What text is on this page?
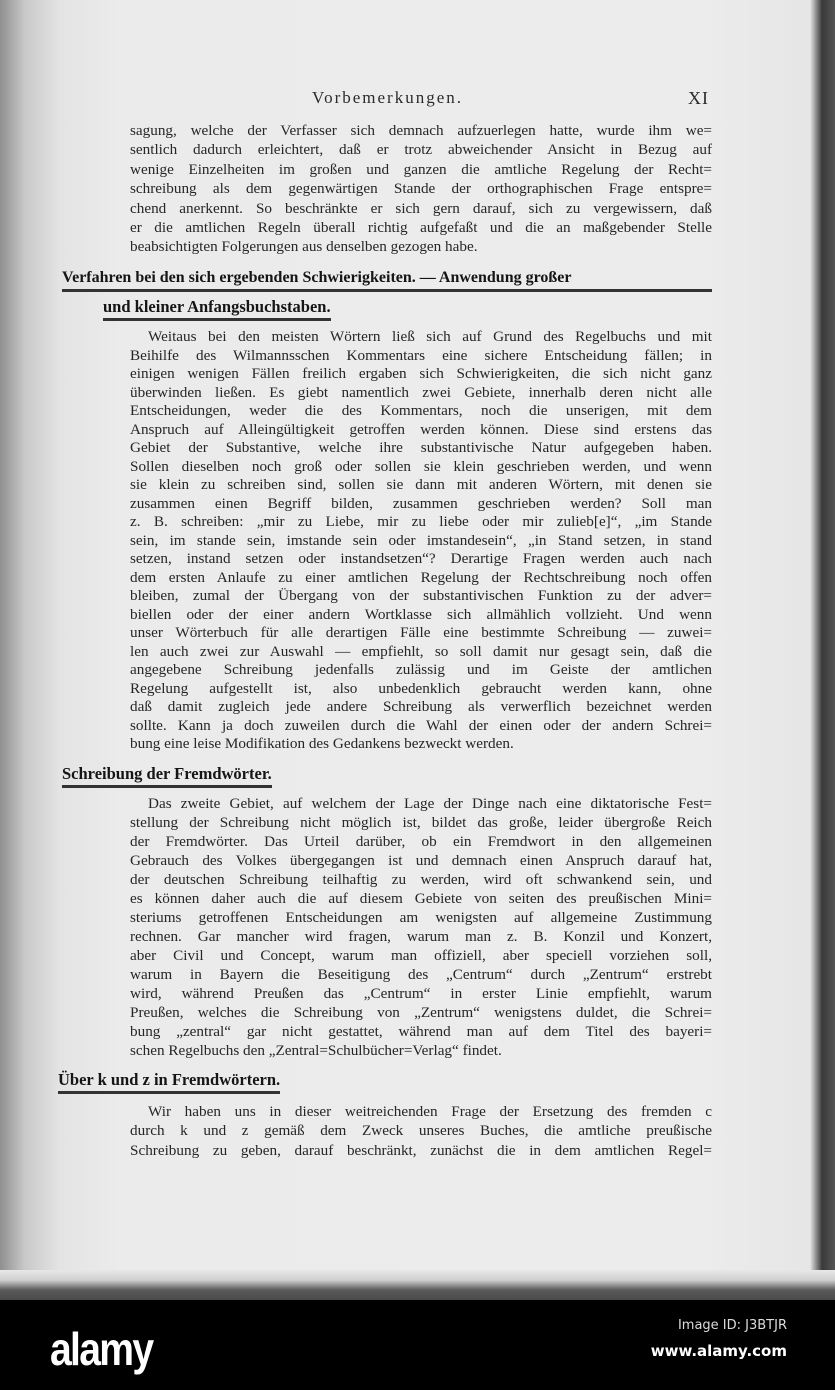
Vorbemerkungen.	XI
sagung, welche der Verfasser sich demnach aufzuerlegen hatte, wurde ihm we=
sentlich dadurch erleichtert, daß er trotz abweichender Ansicht in Bezug auf
wenige Einzelheiten im großen und ganzen die amtliche Regelung der Recht=
schreibung als dem gegenwärtigen Stande der orthographischen Frage entspre=
chend anerkennt. So beschränkte er sich gern darauf, sich zu vergewissern, daß
er die amtlichen Regeln überall richtig aufgefaßt und die an maßgebender Stelle
beabsichtigten Folgerungen aus denselben gezogen habe.
Verfahren bei den sich ergebenden Schwierigkeiten. — Anwendung großer
und kleiner Anfangsbuchstaben.
Weitaus bei den meisten Wörtern ließ sich auf Grund des Regelbuchs und mit
Beihilfe des Wilmannsschen Kommentars eine sichere Entscheidung fällen; in
einigen wenigen Fällen freilich ergaben sich Schwierigkeiten, die sich nicht ganz
überwinden ließen. Es giebt namentlich zwei Gebiete, innerhalb deren nicht alle
Entscheidungen, weder die des Kommentars, noch die unserigen, mit dem
Anspruch auf Alleingültigkeit getroffen werden können. Diese sind erstens das
Gebiet der Substantive, welche ihre substantivische Natur aufgegeben haben.
Sollen dieselben noch groß oder sollen sie klein geschrieben werden, und wenn
sie klein zu schreiben sind, sollen sie dann mit anderen Wörtern, mit denen sie
zusammen einen Begriff bilden, zusammen geschrieben werden? Soll man
z. B. schreiben: „mir zu Liebe, mir zu liebe oder mir zulieb[e]“, „im Stande
sein, im stande sein, imstande sein oder imstandesein“, „in Stand setzen, in stand
setzen, instand setzen oder instandsetzen“? Derartige Fragen werden auch nach
dem ersten Anlaufe zu einer amtlichen Regelung der Rechtschreibung noch offen
bleiben, zumal der Übergang von der substantivischen Funktion zu der adver=
biellen oder der einer andern Wortklasse sich allmählich vollzieht. Und wenn
unser Wörterbuch für alle derartigen Fälle eine bestimmte Schreibung — zuwei=
len auch zwei zur Auswahl — empfiehlt, so soll damit nur gesagt sein, daß die
angegebene Schreibung jedenfalls zulässig und im Geiste der amtlichen
Regelung aufgestellt ist, also unbedenklich gebraucht werden kann, ohne
daß damit zugleich jede andere Schreibung als verwerflich bezeichnet werden
sollte. Kann ja doch zuweilen durch die Wahl der einen oder der andern Schrei=
bung eine leise Modifikation des Gedankens bezweckt werden.
Schreibung der Fremdwörter.
Das zweite Gebiet, auf welchem der Lage der Dinge nach eine diktatorische Fest=
stellung der Schreibung nicht möglich ist, bildet das große, leider übergroße Reich
der Fremdwörter. Das Urteil darüber, ob ein Fremdwort in den allgemeinen
Gebrauch des Volkes übergegangen ist und demnach einen Anspruch darauf hat,
der deutschen Schreibung teilhaftig zu werden, wird oft schwankend sein, und
es können daher auch die auf diesem Gebiete von seiten des preußischen Mini=
steriums getroffenen Entscheidungen am wenigsten auf allgemeine Zustimmung
rechnen. Gar mancher wird fragen, warum man z. B. Konzil und Konzert,
aber Civil und Concept, warum man offiziell, aber speciell vorziehen soll,
warum in Bayern die Beseitigung des „Centrum“ durch „Zentrum“ erstrebt
wird, während Preußen das „Centrum“ in erster Linie empfiehlt, warum
Preußen, welches die Schreibung von „Zentrum“ wenigstens duldet, die Schrei=
bung „zentral“ gar nicht gestattet, während man auf dem Titel des bayeri=
schen Regelbuchs den „Zentral=Schulbücher=Verlag“ findet.
Über k und z in Fremdwörtern.
Wir haben uns in dieser weitreichenden Frage der Ersetzung des fremden c
durch k und z gemäß dem Zweck unseres Buches, die amtliche preußische
Schreibung zu geben, darauf beschränkt, zunächst die in dem amtlichen Regel=
alamy	Image ID: J3BTJR
www.alamy.com
